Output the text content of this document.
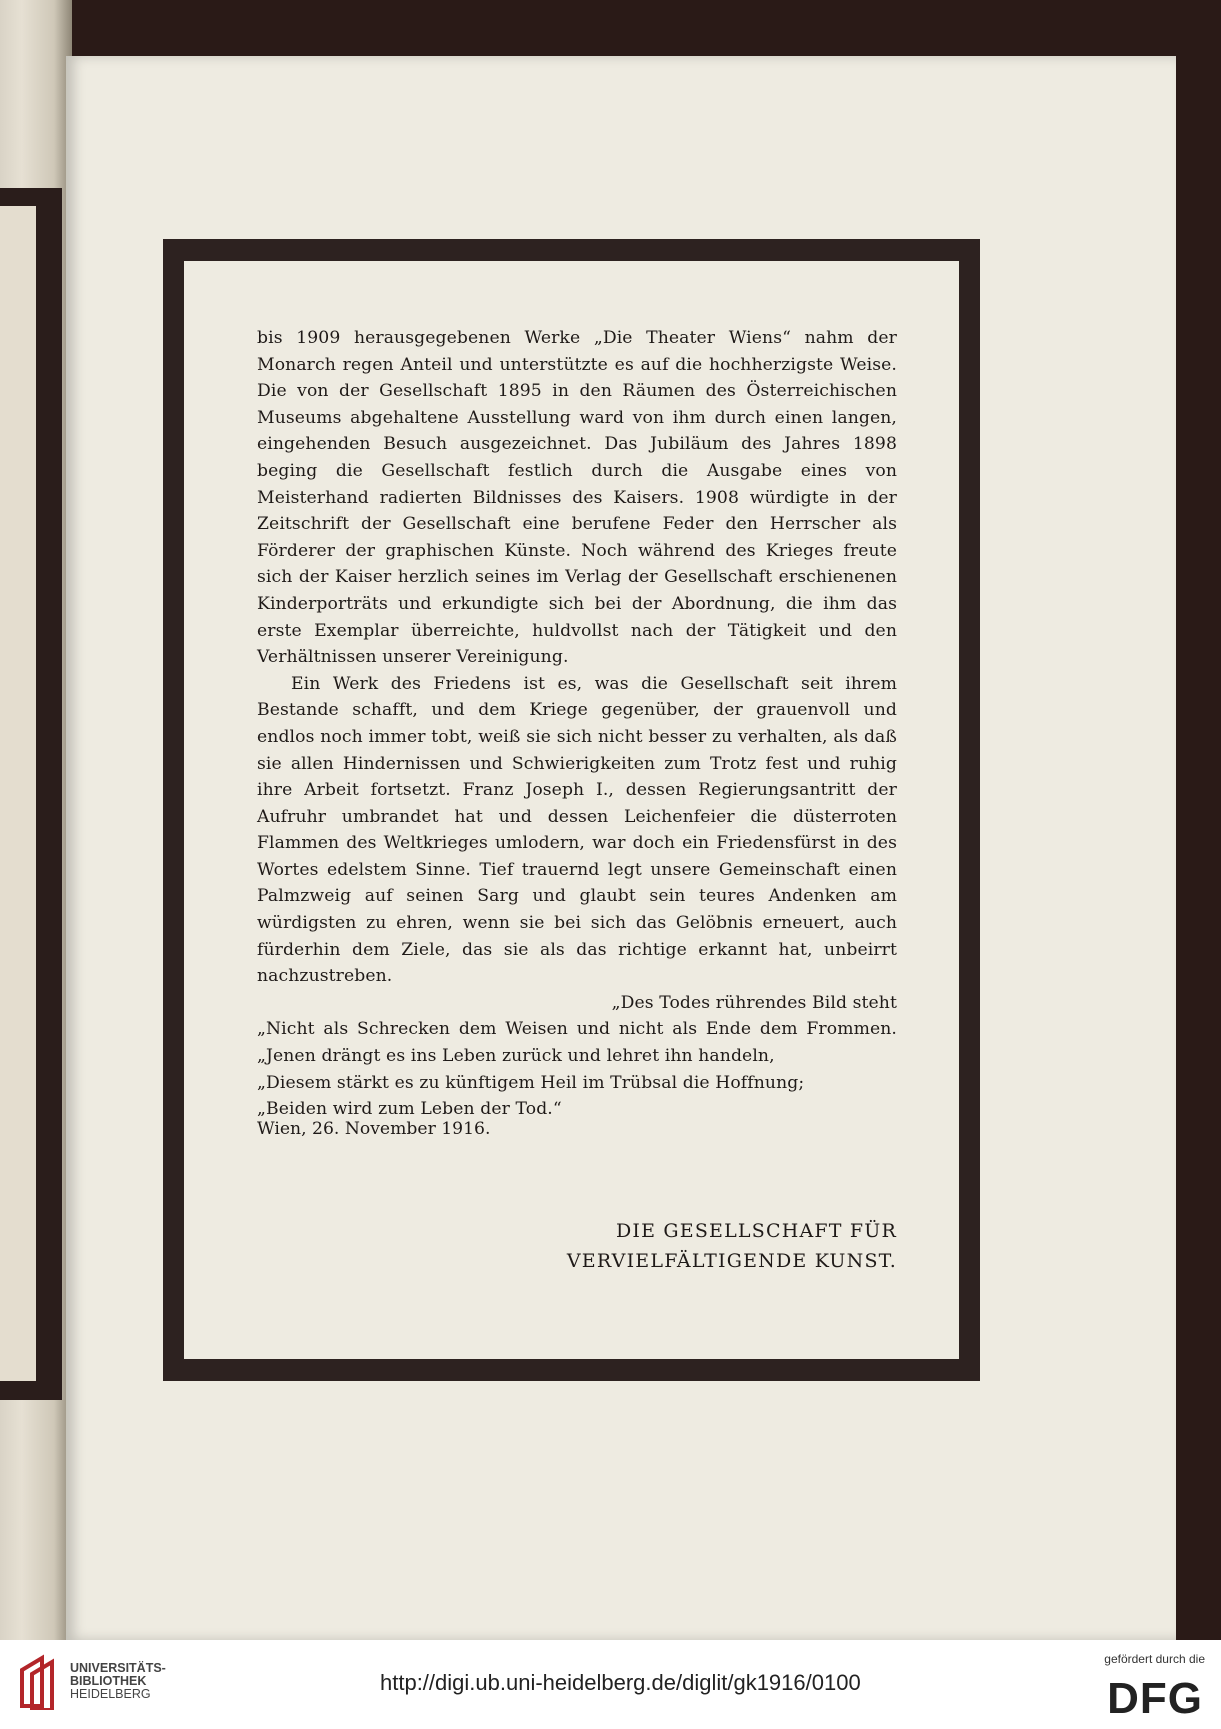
bis 1909 herausgegebenen Werke „Die Theater Wiens“ nahm der Monarch regen Anteil und unterstützte es auf die hochherzigste Weise. Die von der Gesellschaft 1895 in den Räumen des Österreichischen Museums abgehaltene Ausstellung ward von ihm durch einen langen, eingehenden Besuch ausgezeichnet. Das Jubiläum des Jahres 1898 beging die Gesellschaft festlich durch die Ausgabe eines von Meisterhand radierten Bildnisses des Kaisers. 1908 würdigte in der Zeitschrift der Gesellschaft eine berufene Feder den Herrscher als Förderer der graphischen Künste. Noch während des Krieges freute sich der Kaiser herzlich seines im Verlag der Gesellschaft erschienenen Kinderporträts und erkundigte sich bei der Abordnung, die ihm das erste Exemplar überreichte, huldvollst nach der Tätigkeit und den Verhältnissen unserer Vereinigung.

Ein Werk des Friedens ist es, was die Gesellschaft seit ihrem Bestande schafft, und dem Kriege gegenüber, der grauenvoll und endlos noch immer tobt, weiß sie sich nicht besser zu verhalten, als daß sie allen Hindernissen und Schwierigkeiten zum Trotz fest und ruhig ihre Arbeit fortsetzt. Franz Joseph I., dessen Regierungsantritt der Aufruhr umbrandet hat und dessen Leichenfeier die düsterroten Flammen des Weltkrieges umlodern, war doch ein Friedensfürst in des Wortes edelstem Sinne. Tief trauernd legt unsere Gemeinschaft einen Palmzweig auf seinen Sarg und glaubt sein teures Andenken am würdigsten zu ehren, wenn sie bei sich das Gelöbnis erneuert, auch fürderhin dem Ziele, das sie als das richtige erkannt hat, unbeirrt nachzustreben.

„Des Todes rührendes Bild steht

„Nicht als Schrecken dem Weisen und nicht als Ende dem Frommen.

„Jenen drängt es ins Leben zurück und lehret ihn handeln,

„Diesem stärkt es zu künftigem Heil im Trübsal die Hoffnung;

„Beiden wird zum Leben der Tod.“

Wien, 26. November 1916.
DIE GESELLSCHAFT FÜR
VERVIELFÄLTIGENDE KUNST.
UNIVERSITÄTS-
BIBLIOTHEK
HEIDELBERG	http://digi.ub.uni-heidelberg.de/diglit/gk1916/0100
gefördert durch die
DFG
